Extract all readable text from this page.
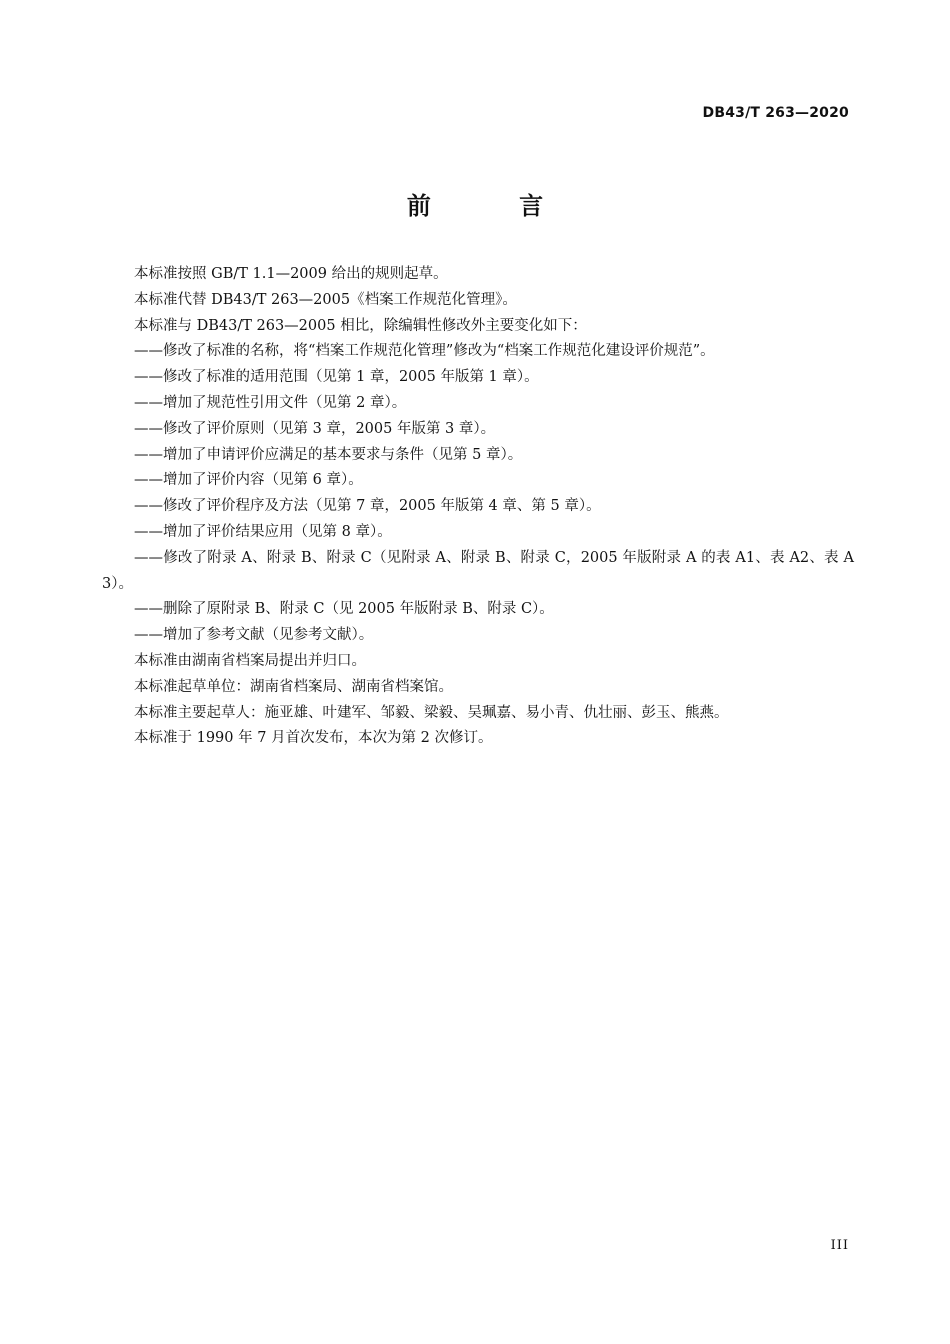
DB43/T 263—2020
前 言

本标准按照 GB/T 1.1—2009 给出的规则起草。

本标准代替 DB43/T 263—2005《档案工作规范化管理》。

本标准与 DB43/T 263—2005 相比，除编辑性修改外主要变化如下：

——修改了标准的名称，将“档案工作规范化管理”修改为“档案工作规范化建设评价规范”。

——修改了标准的适用范围（见第 1 章，2005 年版第 1 章）。

——增加了规范性引用文件（见第 2 章）。

——修改了评价原则（见第 3 章，2005 年版第 3 章）。

——增加了申请评价应满足的基本要求与条件（见第 5 章）。

——增加了评价内容（见第 6 章）。

——修改了评价程序及方法（见第 7 章，2005 年版第 4 章、第 5 章）。

——增加了评价结果应用（见第 8 章）。

——修改了附录 A、附录 B、附录 C（见附录 A、附录 B、附录 C，2005 年版附录 A 的表 A1、表 A2、表 A3）。

——删除了原附录 B、附录 C（见 2005 年版附录 B、附录 C）。

——增加了参考文献（见参考文献）。

本标准由湖南省档案局提出并归口。

本标准起草单位：湖南省档案局、湖南省档案馆。

本标准主要起草人：施亚雄、叶建军、邹毅、梁毅、吴珮嘉、易小青、仇壮丽、彭玉、熊燕。

本标准于 1990 年 7 月首次发布，本次为第 2 次修订。

III
